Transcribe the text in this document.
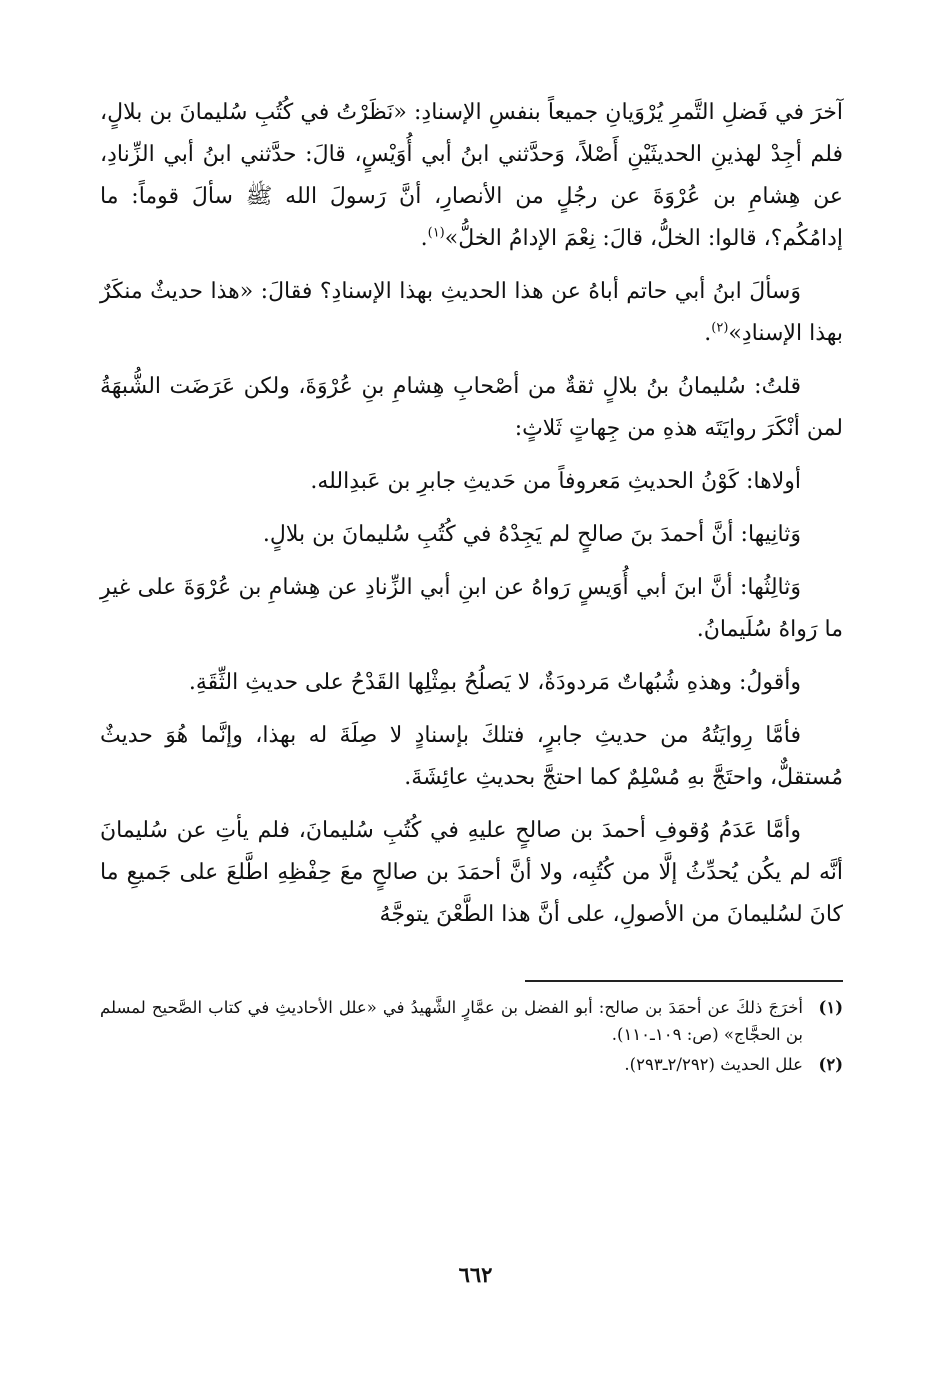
آخرَ في فَضلِ التَّمرِ يُرْوَيانِ جميعاً بنفسِ الإسنادِ: «نَظَرْتُ في كُتُبِ سُليمانَ بن بلالٍ، فلم أجِدْ لهذينِ الحديثَيْنِ أَصْلاً، وَحدَّثني ابنُ أبي أُوَيْسٍ، قالَ: حدَّثني ابنُ أبي الزِّنادِ، عن هِشامِ بن عُرْوَةَ عن رجُلٍ من الأنصارِ، أنَّ رَسولَ الله ﷺ سألَ قوماً: ما إدامُكُم؟، قالوا: الخلُّ، قالَ: نِعْمَ الإدامُ الخلُّ»$^{(١)}$.

وَسألَ ابنُ أبي حاتم أباهُ عن هذا الحديثِ بهذا الإسنادِ؟ فقالَ: «هذا حديثٌ منكَرٌ بهذا الإسنادِ»$^{(٢)}$.

قلتُ: سُليمانُ بنُ بلالٍ ثقةٌ من أصْحابِ هِشامِ بنِ عُرْوَةَ، ولكن عَرَضَت الشُّبهَةُ لمن أنْكَرَ روايَتَه هذهِ من جِهاتٍ ثَلاثٍ:

أولاها: كَوْنُ الحديثِ مَعروفاً من حَديثِ جابرِ بن عَبدِالله.

وَثانِيها: أنَّ أحمدَ بنَ صالحٍ لم يَجِدْهُ في كُتُبِ سُليمانَ بن بلالٍ.

وَثالِثُها: أنَّ ابنَ أبي أُوَيسٍ رَواهُ عن ابنِ أبي الزِّنادِ عن هِشامِ بن عُرْوَةَ على غيرِ ما رَواهُ سُلَيمانُ.

وأقولُ: وهذهِ شُبُهاتٌ مَردودَةٌ، لا يَصلُحُ بمِثْلِها القَدْحُ على حديثِ الثِّقَةِ.

فأمَّا رِوايَتُهُ من حديثِ جابرٍ، فتلكَ بإسنادٍ لا صِلَةَ له بهذا، وإنَّما هُوَ حديثٌ مُستقلٌّ، واحتَجَّ بهِ مُسْلِمٌ كما احتجَّ بحديثِ عائِشَةَ.

وأمَّا عَدَمُ وُقوفِ أحمدَ بن صالحٍ عليهِ في كُتُبِ سُليمانَ، فلم يأتِ عن سُليمانَ أنَّه لم يكُن يُحدِّثُ إلَّا من كُتُبِه، ولا أنَّ أحمَدَ بن صالحٍ معَ حِفْظِهِ اطَّلعَ على جَميعِ ما كانَ لسُليمانَ من الأصولِ، على أنَّ هذا الطَّعْنَ يتوجَّهُ

(١)
أخرَجَ ذلكَ عن أحمَدَ بن صالح: أبو الفضل بن عمَّارٍ الشَّهيدُ في «علل الأحاديثِ في كتاب الصَّحيح لمسلم بن الحجَّاج» (ص: ١٠٩ـ١١٠).
(٢)
علل الحديث (٢/٢٩٢ـ٢٩٣).
٦٦٢
